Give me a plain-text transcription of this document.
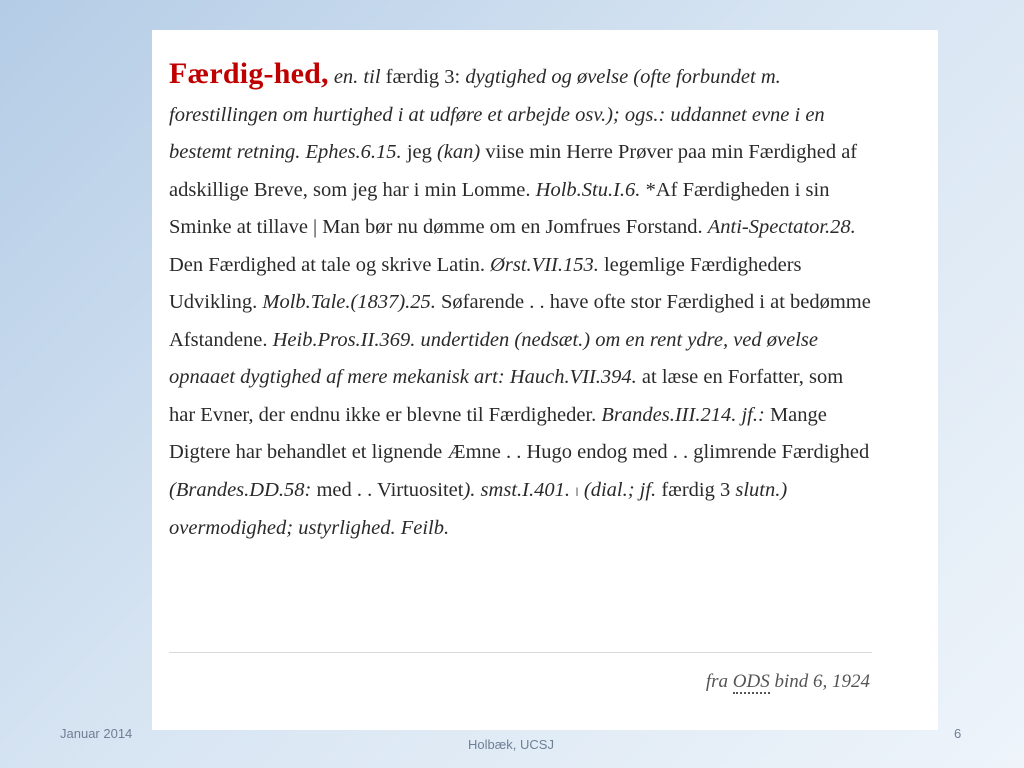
Færdig-hed, en. til færdig 3: dygtighed og øvelse (ofte forbundet m. forestillingen om hurtighed i at udføre et arbejde osv.); ogs.: uddannet evne i en bestemt retning. Ephes.6.15. jeg (kan) viise min Herre Prøver paa min Færdighed af adskillige Breve, som jeg har i min Lomme. Holb.Stu.I.6. *Af Færdigheden i sin Sminke at tillave | Man bør nu dømme om en Jomfrues Forstand. Anti-Spectator.28. Den Færdighed at tale og skrive Latin. Ørst.VII.153. legemlige Færdigheders Udvikling. Molb.Tale.(1837).25. Søfarende . . have ofte stor Færdighed i at bedømme Afstandene. Heib.Pros.II.369. undertiden (nedsæt.) om en rent ydre, ved øvelse opnaaet dygtighed af mere mekanisk art: Hauch.VII.394. at læse en Forfatter, som har Evner, der endnu ikke er blevne til Færdigheder. Brandes.III.214. jf.: Mange Digtere har behandlet et lignende Æmne . . Hugo endog med . . glimrende Færdighed (Brandes.DD.58: med . . Virtuositet). smst.I.401. ‖ (dial.; jf. færdig 3 slutn.) overmodighed; ustyrlighed. Feilb.
fra ODS bind 6, 1924
Januar 2014
Holbæk, UCSJ
6
